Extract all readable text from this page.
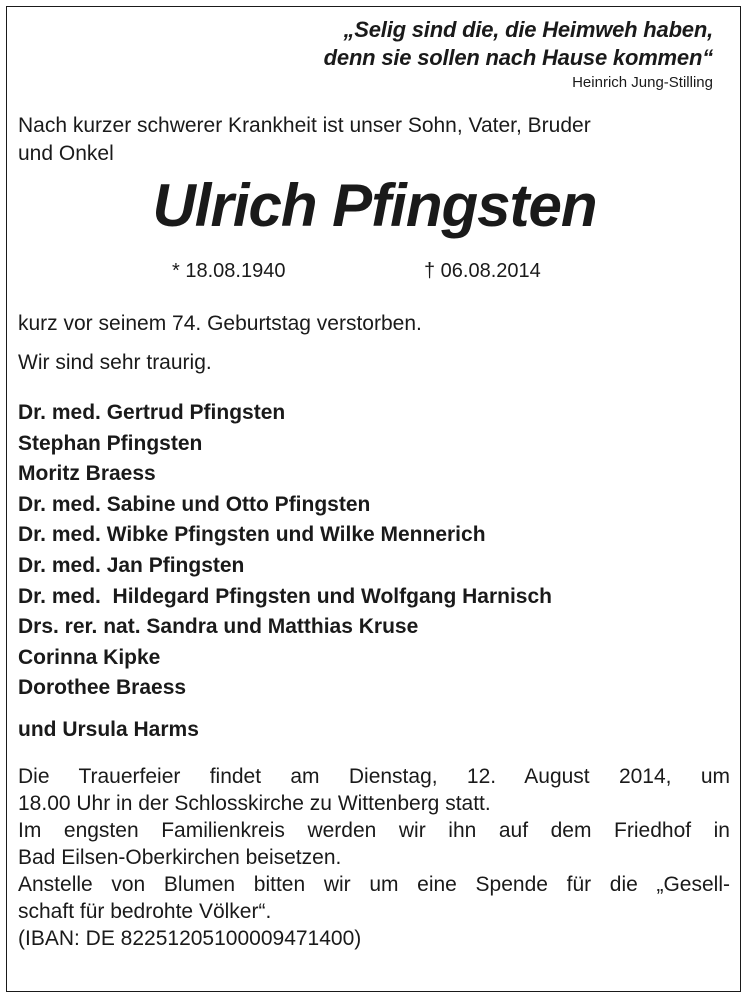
„Selig sind die, die Heimweh haben,
denn sie sollen nach Hause kommen“
Heinrich Jung-Stilling
Nach kurzer schwerer Krankheit ist unser Sohn, Vater, Bruder
und Onkel
Ulrich Pfingsten
* 18.08.1940	† 06.08.2014
kurz vor seinem 74. Geburtstag verstorben.
Wir sind sehr traurig.
Dr. med. Gertrud Pfingsten
Stephan Pfingsten
Moritz Braess
Dr. med. Sabine und Otto Pfingsten
Dr. med. Wibke Pfingsten und Wilke Mennerich
Dr. med. Jan Pfingsten
Dr. med.  Hildegard Pfingsten und Wolfgang Harnisch
Drs. rer. nat. Sandra und Matthias Kruse
Corinna Kipke
Dorothee Braess
und Ursula Harms
Die Trauerfeier findet am Dienstag, 12. August 2014, um
18.00 Uhr in der Schlosskirche zu Wittenberg statt.
Im engsten Familienkreis werden wir ihn auf dem Friedhof in
Bad Eilsen-Oberkirchen beisetzen.
Anstelle von Blumen bitten wir um eine Spende für die „Gesell-
schaft für bedrohte Völker“.
(IBAN: DE 82251205100009471400)
